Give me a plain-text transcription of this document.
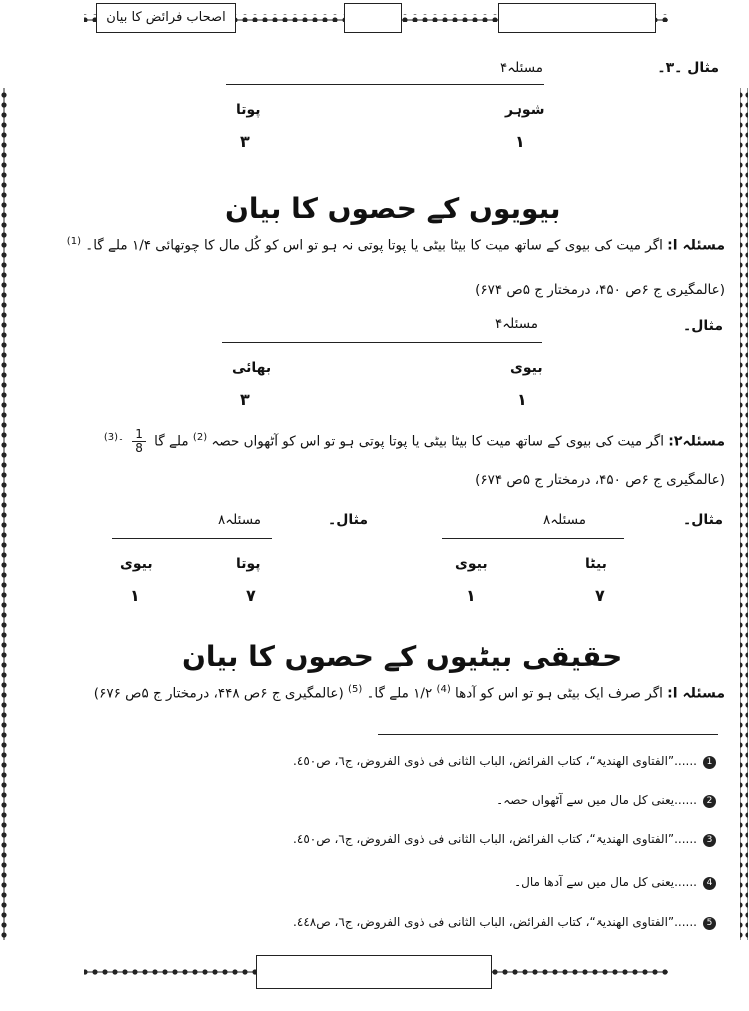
اصحاب فرائض کا بیان
مثال ۔۳۔
مسئلہ۴
شوہر
پوتا
۱
۳
بیویوں کے حصوں کا بیان
مسئلہ ا: اگر میت کی بیوی کے ساتھ میت کا بیٹا بیٹی یا پوتا پوتی نہ ہو تو اس کو کُل مال کا چوتھائی ۱/۴ ملے گا۔ $^{(1)}$
(عالمگیری ج ۶ص ۴۵۰، درمختار ج ۵ص ۶۷۴)
مثال۔
مسئلہ۴
بیوی
بھائی
۱
۳
مسئلہ۲: اگر میت کی بیوی کے ساتھ میت کا بیٹا بیٹی یا پوتا پوتی ہو تو اس کو آٹھواں حصہ $^{(2)}$ ملے گا
$\frac{1}{8}$
$^{۔(3)}$
(عالمگیری ج ۶ص ۴۵۰، درمختار ج ۵ص ۶۷۴)
مثال۔
مسئلہ۸
بیٹا
بیوی
۷
۱
مثال۔
مسئلہ۸
پوتا
بیوی
۷
۱
حقیقی بیٹیوں کے حصوں کا بیان
مسئلہ ا: اگر صرف ایک بیٹی ہو تو اس کو آدھا $^{(4)}$ ۱/۲ ملے گا۔ $^{(5)}$ (عالمگیری ج ۶ص ۴۴۸، درمختار ج ۵ص ۶۷۶)
1
......”الفتاوی الھندیۃ“، کتاب الفرائض، الباب الثانی فی ذوی الفروض، ج٦، ص٤٥٠.
2
......یعنی کل مال میں سے آٹھواں حصہ۔
3
......”الفتاوی الھندیۃ“، کتاب الفرائض، الباب الثانی فی ذوی الفروض، ج٦، ص٤٥٠.
4
......یعنی کل مال میں سے آدھا مال۔
5
......”الفتاوی الھندیۃ“، کتاب الفرائض، الباب الثانی فی ذوی الفروض، ج٦، ص٤٤٨.
